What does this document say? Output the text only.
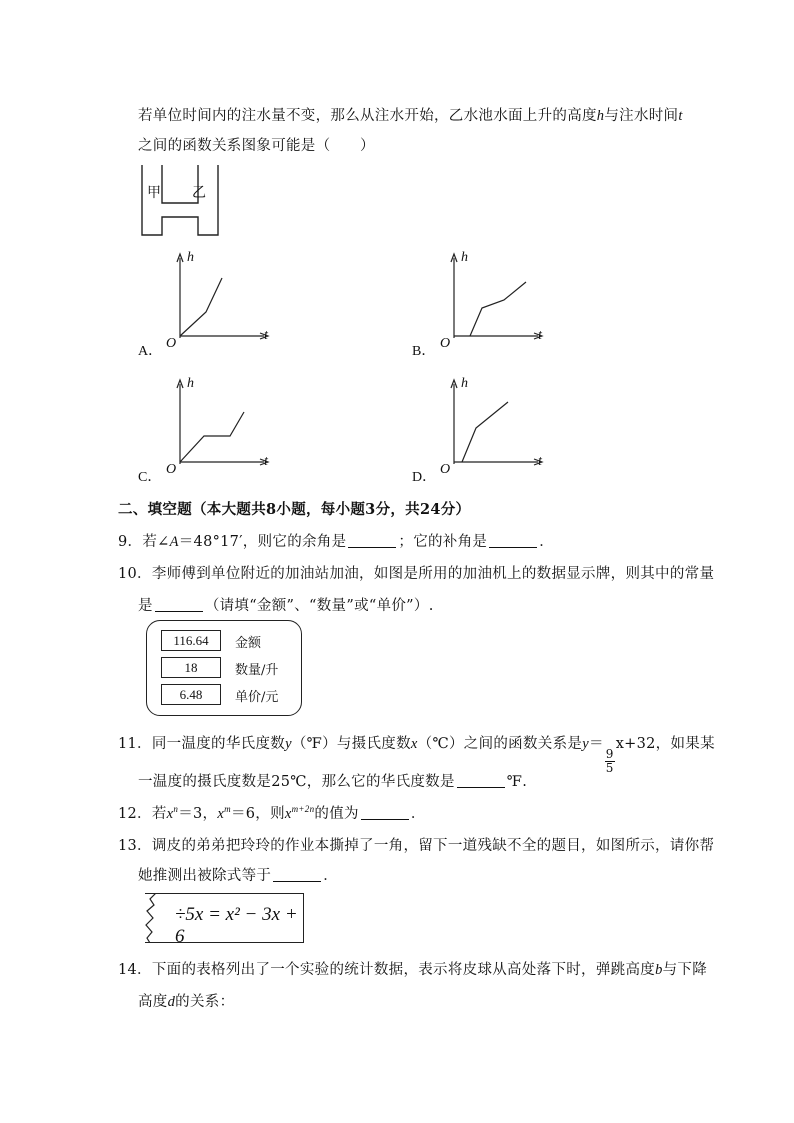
若单位时间内的注水量不变，那么从注水开始，乙水池水面上升的高度h与注水时间t
之间的函数关系图象可能是（　　）
甲 乙
h
t
O
A．
h
t
O
B．
h
t
O
C．
h
t
O
D．
二、填空题（本大题共8小题，每小题3分，共24分）
9．若∠A＝48°17′，则它的余角是	；它的补角是	．
10．李师傅到单位附近的加油站加油，如图是所用的加油机上的数据显示牌，则其中的常量
是	（请填“金额”、“数量”或“单价”）.
116.64	金额
18	数量/升
6.48	单价/元
11．同一温度的华氏度数y（℉）与摄氏度数x（℃）之间的函数关系是y＝
$\frac{9}{5}$
x+32，如果某
一温度的摄氏度数是25℃，那么它的华氏度数是	℉.
12．若$x^n=3$，$x^m=6$，则$x^{m+2n}$的值为	．
13．调皮的弟弟把玲玲的作业本撕掉了一角，留下一道残缺不全的题目，如图所示，请你帮
她推测出被除式等于	．
÷5x = x² − 3x + 6
14．下面的表格列出了一个实验的统计数据，表示将皮球从高处落下时，弹跳高度b与下降
高度d的关系：
